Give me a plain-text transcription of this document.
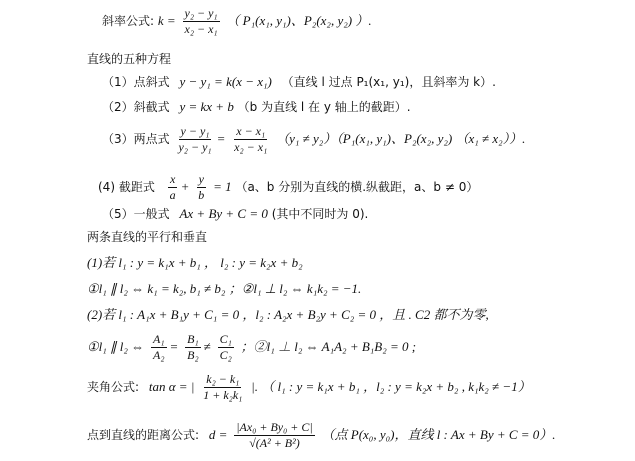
斜率公式: $k = \frac{\text{y₂ − y₁}}{\text{x₂ − x₁}}$ （ P₁(x₁, y₁)、P₂(x₂, y₂) ）.
直线的五种方程
（1）点斜式 y − y₁ = k(x − x₁) （直线 l 过点 P₁(x₁, y₁)，且斜率为 k）.
（2）斜截式 y = kx + b （b 为直线 l 在 y 轴上的截距）.
（3）两点式 $\frac{\text{y − y₁}}{\text{y₂ − y₁}} = \frac{\text{x − x₁}}{\text{x₂ − x₁}} (y_1 \ne y_2)(P_1(x_1$, y₁)、P₂(x₂, y₂) （x₁ ≠ x₂））.
(4) 截距式 $\frac{x}{a} + \frac{y}{b} = 1$ （a、b 分别为直线的横.纵截距，a、b ≠ 0）
（5）一般式 Ax + By + C = 0 (其中不同时为 0).
两条直线的平行和垂直
(1)若 l₁ : y = k₁x + b₁ ， l₂ : y = k₂x + b₂
①l₁ ∥ l₂ ⇔ k₁ = k₂, b₁ ≠ b₂ ；②l₁ ⊥ l₂ ⇔ k₁k₂ = −1.
(2)若 l₁ : A₁x + B₁y + C₁ = 0 ，l₂ : A₂x + B₂y + C₂ = 0 ，且 . C2 都不为零,
①l₁ ∥ l₂ ⇔ $\frac{\text{A₁}}{\text{A₂}} = \frac{\text{B₁}}{\text{B₂}} \ne \frac{\text{C₁}}{\text{C₂}}$ ；②l₁ ⊥ l₂ ⇔ A₁A₂ + B₁B₂ = 0 ;
夹角公式: tan α = | $\frac{\text{k₂ − k₁}}{\text{1 + k₂k₁}}$ |. （ l₁ : y = k₁x + b₁ ，l₂ : y = k₂x + b₂ , k₁k₂ ≠ −1）
点到直线的距离公式: $d = \frac{\text{|Ax₀ + By₀ + C|}}{\text{√(A² + B²)}}$ （点 P(x₀, y₀)，直线 l : Ax + By + C = 0）.
